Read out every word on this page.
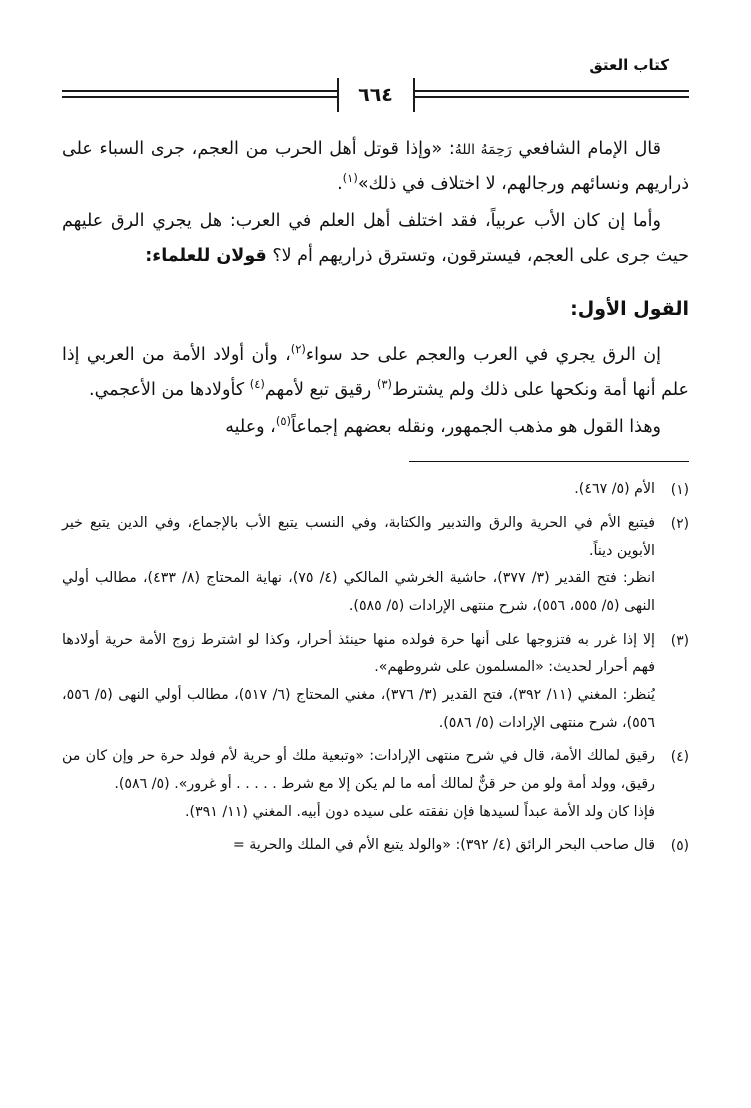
كتاب العتق
٦٦٤

قال الإمام الشافعي رَحِمَهُ اللهُ: «وإذا قوتل أهل الحرب من العجم، جرى السباء على ذراريهم ونسائهم ورجالهم، لا اختلاف في ذلك»$^{(١)}$.

وأما إن كان الأب عربياً، فقد اختلف أهل العلم في العرب: هل يجري الرق عليهم حيث جرى على العجم، فيسترقون، وتسترق ذراريهم أم لا؟ قولان للعلماء:

القول الأول:

إن الرق يجري في العرب والعجم على حد سواء$^{(٢)}$، وأن أولاد الأمة من العربي إذا علم أنها أمة ونكحها على ذلك ولم يشترط$^{(٣)}$ رقيق تبع لأمهم$^{(٤)}$ كأولادها من الأعجمي.

وهذا القول هو مذهب الجمهور، ونقله بعضهم إجماعاً$^{(٥)}$، وعليه

(١)

الأم (٥/ ٤٦٧).

(٢)

فيتبع الأم في الحرية والرق والتدبير والكتابة، وفي النسب يتبع الأب بالإجماع، وفي الدين يتبع خير الأبوين ديناً.

انظر: فتح القدير (٣/ ٣٧٧)، حاشية الخرشي المالكي (٤/ ٧٥)، نهاية المحتاج (٨/ ٤٣٣)، مطالب أولي النهى (٥/ ٥٥٥، ٥٥٦)، شرح منتهى الإرادات (٥/ ٥٨٥).

(٣)

إلا إذا غرر به فتزوجها على أنها حرة فولده منها حينئذ أحرار، وكذا لو اشترط زوج الأمة حرية أولادها فهم أحرار لحديث: «المسلمون على شروطهم».

يُنظر: المغني (١١/ ٣٩٢)، فتح القدير (٣/ ٣٧٦)، مغني المحتاج (٦/ ٥١٧)، مطالب أولي النهى (٥/ ٥٥٦، ٥٥٦)، شرح منتهى الإرادات (٥/ ٥٨٦).

(٤)

رقيق لمالك الأمة، قال في شرح منتهى الإرادات: «وتبعية ملك أو حرية لأم فولد حرة حر وإن كان من رقيق، وولد أمة ولو من حر قنٌّ لمالك أمه ما لم يكن إلا مع شرط . . . . . أو غرور». (٥/ ٥٨٦).

فإذا كان ولد الأمة عبداً لسيدها فإن نفقته على سيده دون أبيه. المغني (١١/ ٣٩١).

(٥)

قال صاحب البحر الرائق (٤/ ٣٩٢): «والولد يتبع الأم في الملك والحرية =
